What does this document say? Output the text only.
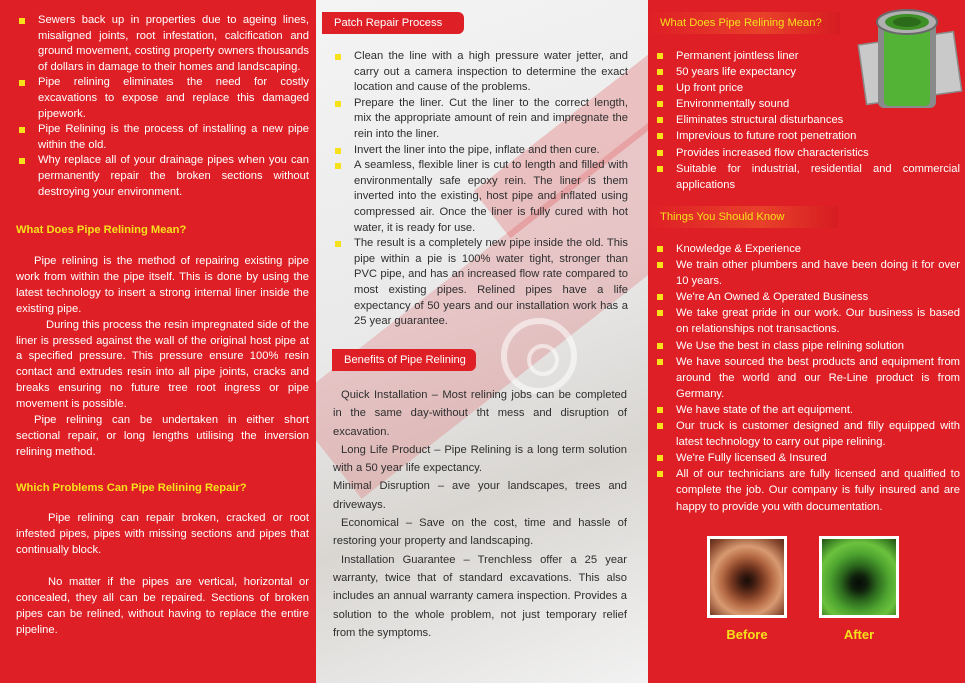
Sewers back up in properties due to ageing lines, misaligned joints, root infestation, calcification and ground movement, costing property owners thousands of dollars in damage to their homes and landscaping.
Pipe relining eliminates the need for costly excavations to expose and replace this damaged pipework.
Pipe Relining is the process of installing a new pipe within the old.
Why replace all of your drainage pipes when you can permanently repair the broken sections without destroying your environment.
What Does Pipe Relining Mean?

Pipe relining is the method of repairing existing pipe work from within the pipe itself. This is done by using the latest technology to insert a strong internal liner inside the existing pipe.

During this process the resin impregnated side of the liner is pressed against the wall of the original host pipe at a specified pressure. This pressure ensure 100% resin contact and extrudes resin into all pipe joints, cracks and breaks ensuring no future tree root ingress or pipe movement is possible.

Pipe relining can be undertaken in either short sectional repair, or long lengths utilising the inversion relining method.

Which Problems Can Pipe Relining Repair?

Pipe relining can repair broken, cracked or root infested pipes, pipes with missing sections and pipes that continually block.

No matter if the pipes are vertical, horizontal or concealed, they all can be repaired. Sections of broken pipes can be relined, without having to replace the entire pipeline.

Patch Repair Process
Clean the line with a high pressure water jetter, and carry out a camera inspection to determine the exact location and cause of the problems.
Prepare the liner. Cut the liner to the correct length, mix the appropriate amount of rein and impregnate the rein into the liner.
Invert the liner into the pipe, inflate and then cure.
A seamless, flexible liner is cut to length and filled with environmentally safe epoxy rein. The liner is them inverted into the existing, host pipe and inflated using compressed air. Once the liner is fully cured with hot water, it is ready for use.
The result is a completely new pipe inside the old. This pipe within a pie is 100% water tight, stronger than PVC pipe, and has an increased flow rate compared to most existing pipes. Relined pipes have a life expectancy of 50 years and our installation work has a 25 year guarantee.
Benefits of Pipe Relining

Quick Installation – Most relining jobs can be completed in the same day-without tht mess and disruption of excavation.

Long Life Product – Pipe Relining is a long term solution with a 50 year life expectancy.

Minimal Disruption – ave your landscapes, trees and driveways.

Economical – Save on the cost, time and hassle of restoring your property and landscaping.

Installation Guarantee – Trenchless offer a 25 year warranty, twice that of standard excavations. This also includes an annual warranty camera inspection. Provides a solution to the whole problem, not just temporary relief from the symptoms.

What Does Pipe Relining Mean?
Permanent jointless liner
50 years life expectancy
Up front price
Environmentally sound
Eliminates structural disturbances
Imprevious to future root penetration
Provides increased flow characteristics
Suitable for industrial, residential and commercial applications
Things You Should Know
Knowledge & Experience
We train other plumbers and have been doing it for over 10 years.
We're An Owned & Operated Business
We take great pride in our work. Our business is based on relationships not transactions.
We Use the best in class pipe relining solution
We have sourced the best products and equipment from around the world and our Re-Line product is from Germany.
We have state of the art equipment.
Our truck is customer designed and filly equipped with latest technology to carry out pipe relining.
We're Fully licensed & Insured
All of our technicians are fully licensed and qualified to complete the job. Our company is fully insured and are happy to provide you with documentation.
Before	After
